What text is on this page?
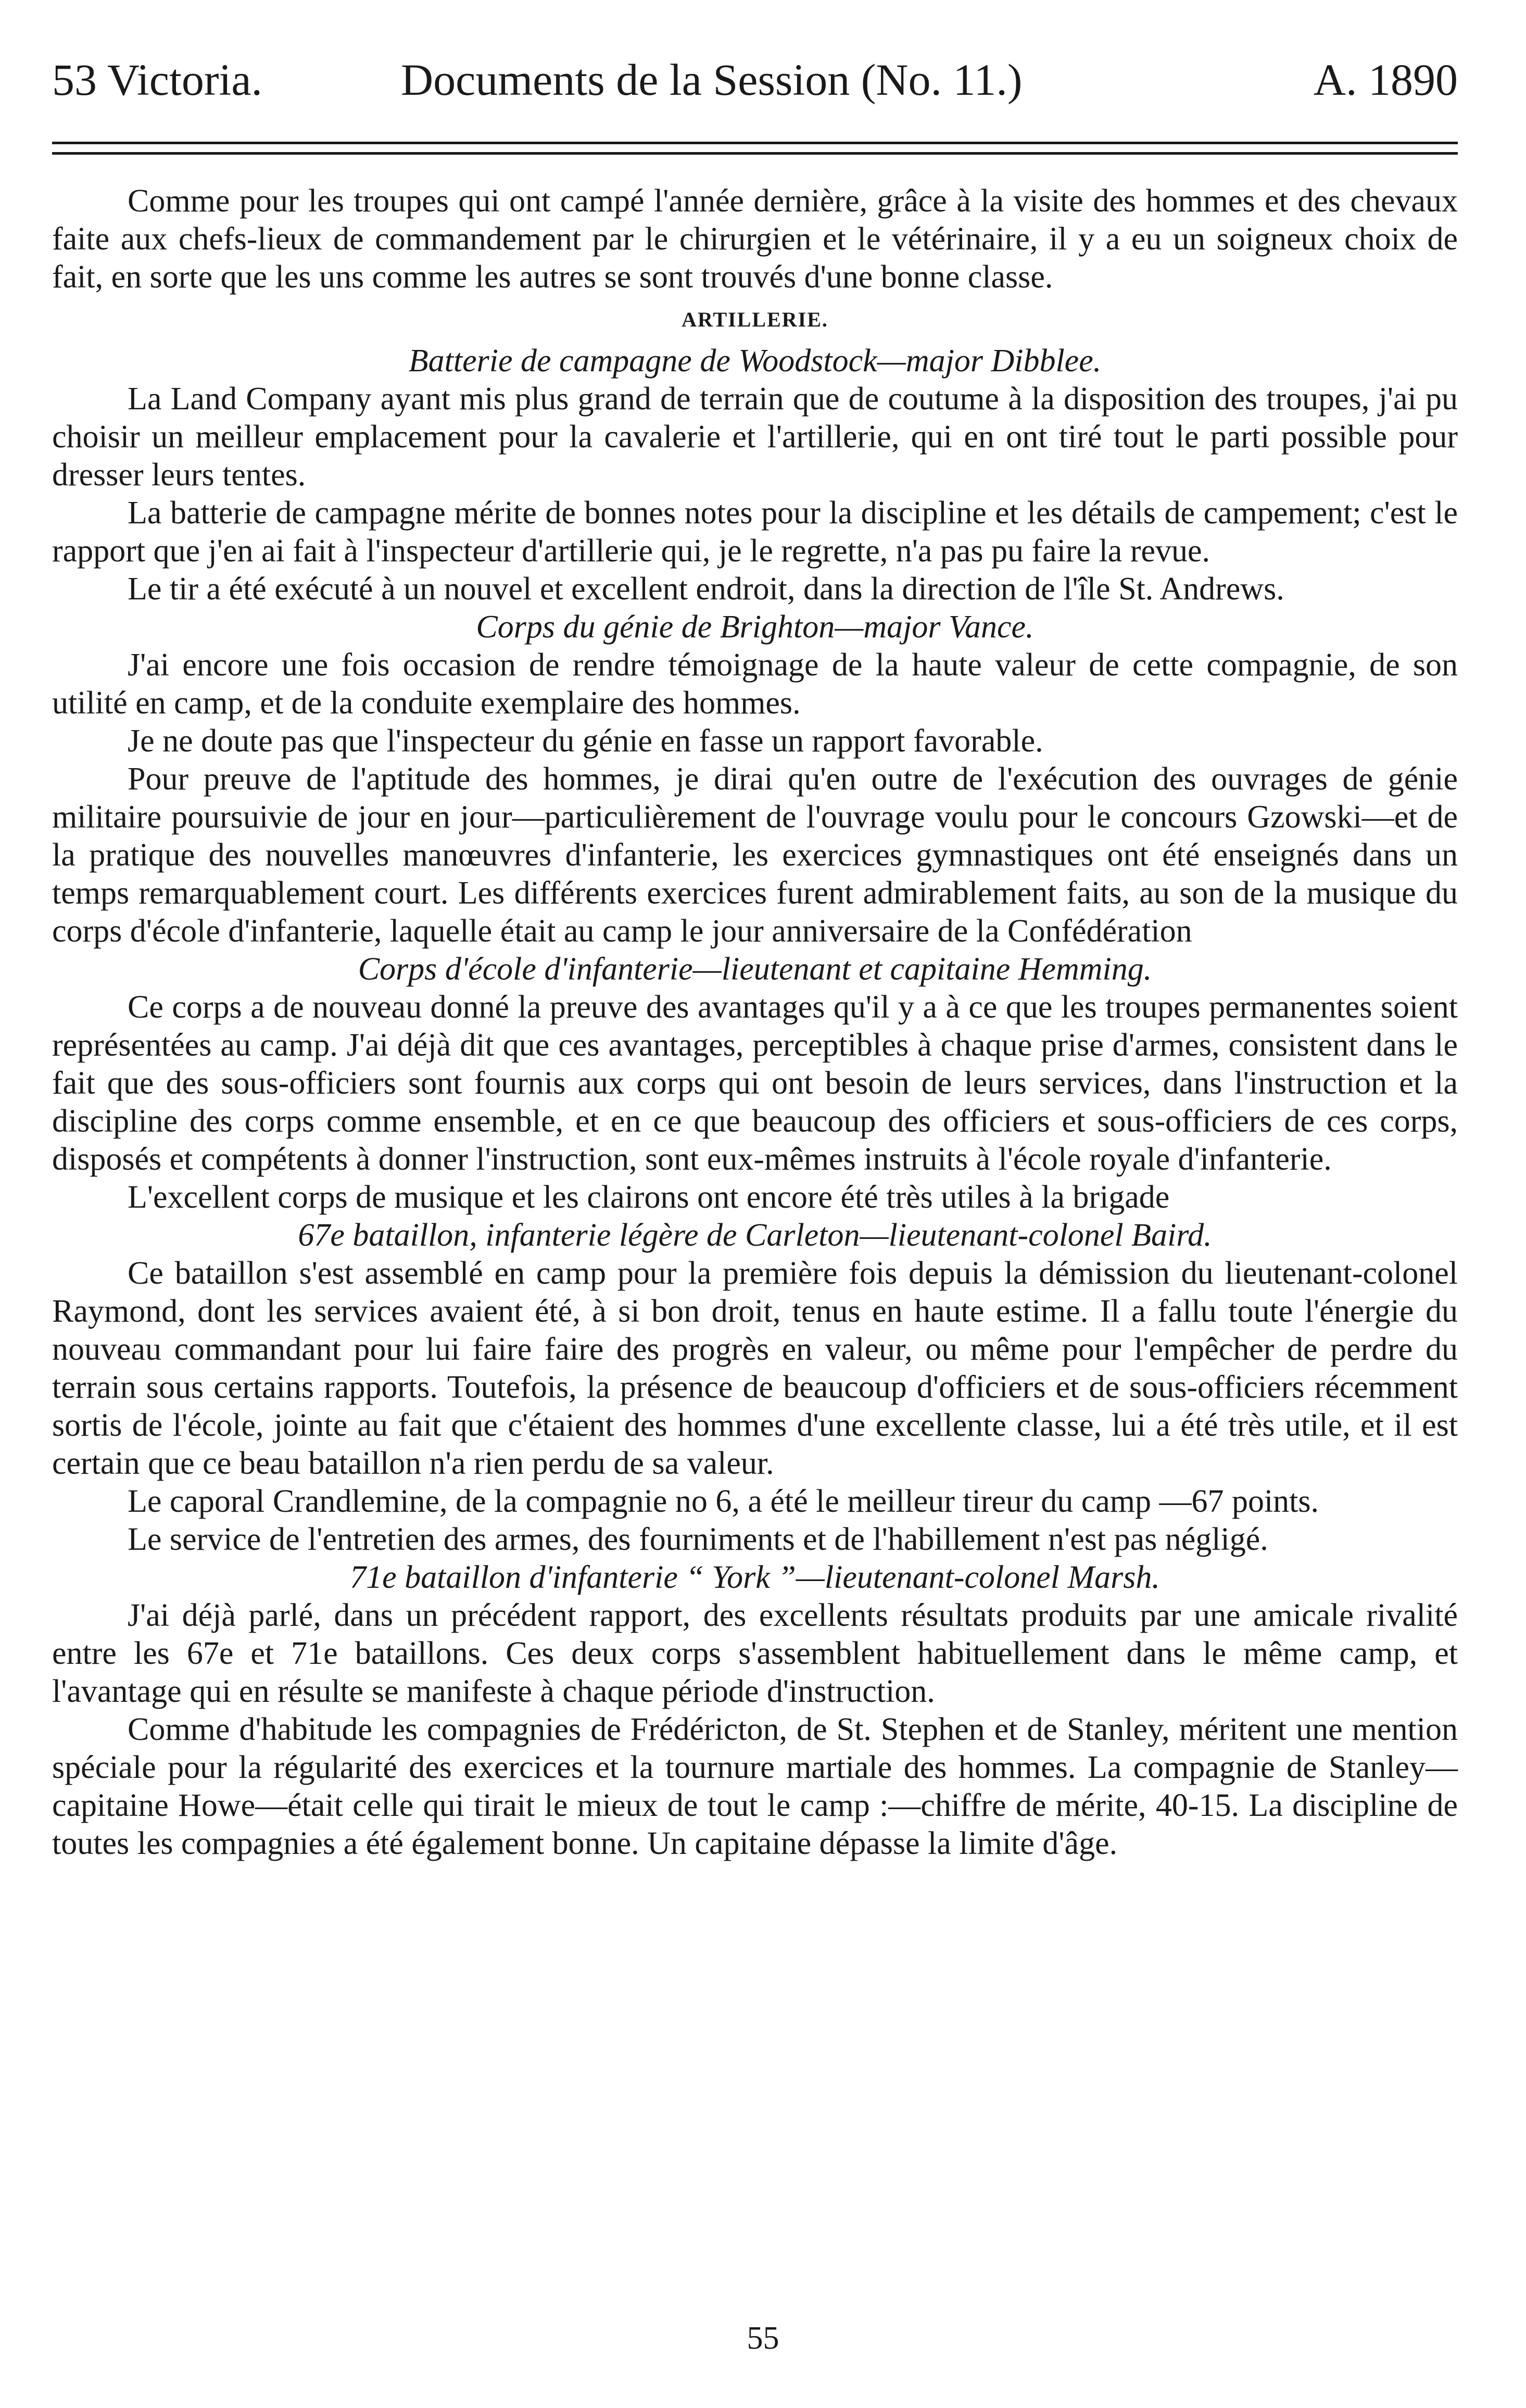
53 Victoria.	Documents de la Session (No. 11.)	A. 1890

Comme pour les troupes qui ont campé l'année dernière, grâce à la visite des hommes et des chevaux faite aux chefs-lieux de commandement par le chirurgien et le vétérinaire, il y a eu un soigneux choix de fait, en sorte que les uns comme les autres se sont trouvés d'une bonne classe.

ARTILLERIE.

Batterie de campagne de Woodstock—major Dibblee.

La Land Company ayant mis plus grand de terrain que de coutume à la disposition des troupes, j'ai pu choisir un meilleur emplacement pour la cavalerie et l'artillerie, qui en ont tiré tout le parti possible pour dresser leurs tentes.

La batterie de campagne mérite de bonnes notes pour la discipline et les détails de campement; c'est le rapport que j'en ai fait à l'inspecteur d'artillerie qui, je le regrette, n'a pas pu faire la revue.

Le tir a été exécuté à un nouvel et excellent endroit, dans la direction de l'île St. Andrews.

Corps du génie de Brighton—major Vance.

J'ai encore une fois occasion de rendre témoignage de la haute valeur de cette compagnie, de son utilité en camp, et de la conduite exemplaire des hommes.

Je ne doute pas que l'inspecteur du génie en fasse un rapport favorable.

Pour preuve de l'aptitude des hommes, je dirai qu'en outre de l'exécution des ouvrages de génie militaire poursuivie de jour en jour—particulièrement de l'ouvrage voulu pour le concours Gzowski—et de la pratique des nouvelles manœuvres d'infanterie, les exercices gymnastiques ont été enseignés dans un temps remarquablement court. Les différents exercices furent admirablement faits, au son de la musique du corps d'école d'infanterie, laquelle était au camp le jour anniversaire de la Confédération

Corps d'école d'infanterie—lieutenant et capitaine Hemming.

Ce corps a de nouveau donné la preuve des avantages qu'il y a à ce que les troupes permanentes soient représentées au camp. J'ai déjà dit que ces avantages, perceptibles à chaque prise d'armes, consistent dans le fait que des sous-officiers sont fournis aux corps qui ont besoin de leurs services, dans l'instruction et la discipline des corps comme ensemble, et en ce que beaucoup des officiers et sous-officiers de ces corps, disposés et compétents à donner l'instruction, sont eux-mêmes instruits à l'école royale d'infanterie.

L'excellent corps de musique et les clairons ont encore été très utiles à la brigade

67e bataillon, infanterie légère de Carleton—lieutenant-colonel Baird.

Ce bataillon s'est assemblé en camp pour la première fois depuis la démission du lieutenant-colonel Raymond, dont les services avaient été, à si bon droit, tenus en haute estime. Il a fallu toute l'énergie du nouveau commandant pour lui faire faire des progrès en valeur, ou même pour l'empêcher de perdre du terrain sous certains rapports. Toutefois, la présence de beaucoup d'officiers et de sous-officiers récemment sortis de l'école, jointe au fait que c'étaient des hommes d'une excellente classe, lui a été très utile, et il est certain que ce beau bataillon n'a rien perdu de sa valeur.

Le caporal Crandlemine, de la compagnie no 6, a été le meilleur tireur du camp —67 points.

Le service de l'entretien des armes, des fourniments et de l'habillement n'est pas négligé.

71e bataillon d'infanterie “ York ”—lieutenant-colonel Marsh.

J'ai déjà parlé, dans un précédent rapport, des excellents résultats produits par une amicale rivalité entre les 67e et 71e bataillons. Ces deux corps s'assemblent habituellement dans le même camp, et l'avantage qui en résulte se manifeste à chaque période d'instruction.

Comme d'habitude les compagnies de Frédéricton, de St. Stephen et de Stanley, méritent une mention spéciale pour la régularité des exercices et la tournure martiale des hommes. La compagnie de Stanley—capitaine Howe—était celle qui tirait le mieux de tout le camp :—chiffre de mérite, 40-15. La discipline de toutes les compagnies a été également bonne. Un capitaine dépasse la limite d'âge.

55
